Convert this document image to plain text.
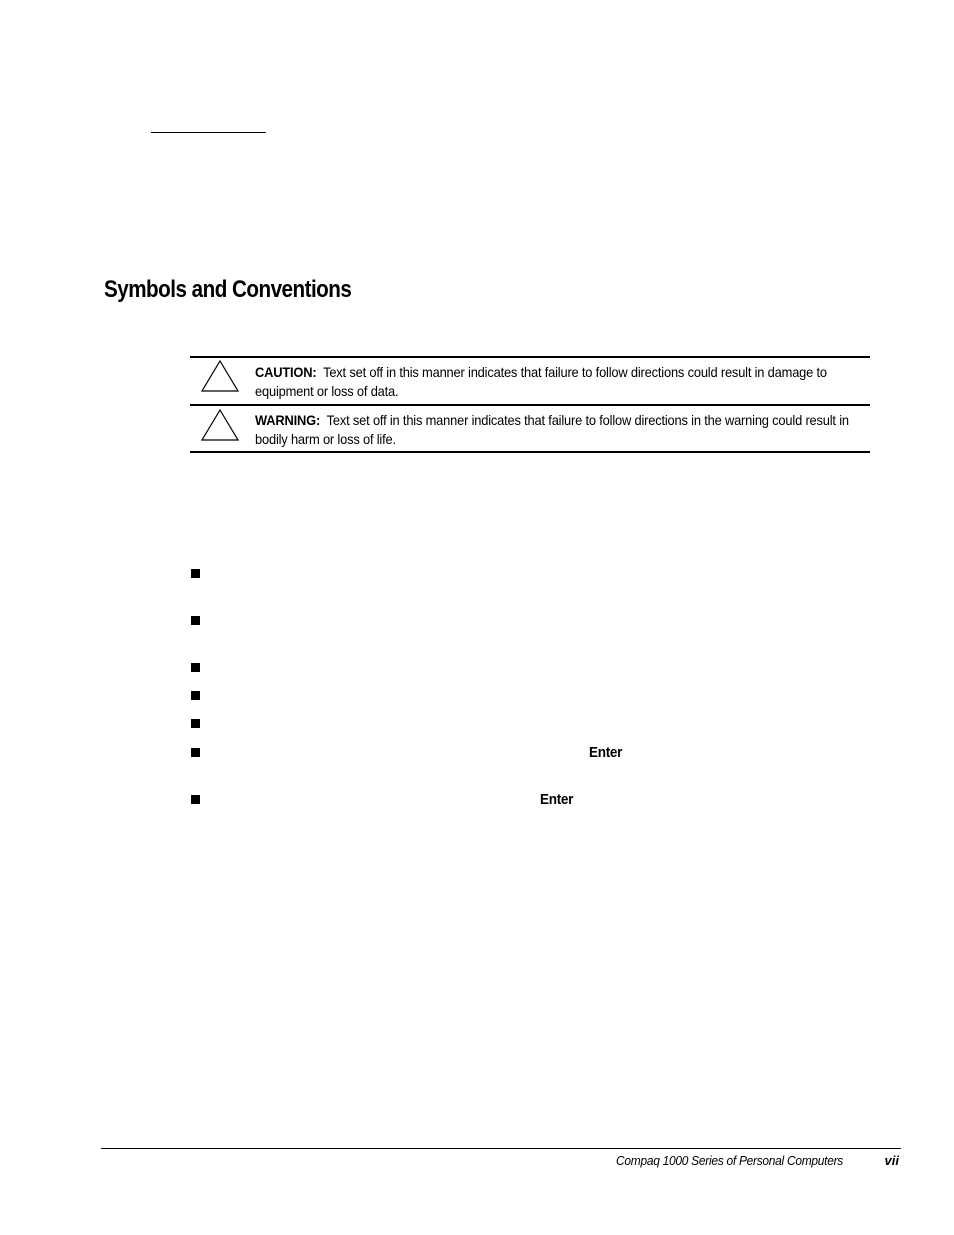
Symbols and Conventions
CAUTION: Text set off in this manner indicates that failure to follow directions could result in damage to equipment or loss of data.
WARNING: Text set off in this manner indicates that failure to follow directions in the warning could result in bodily harm or loss of life.
Enter
Enter
Compaq 1000 Series of Personal Computers	vii
